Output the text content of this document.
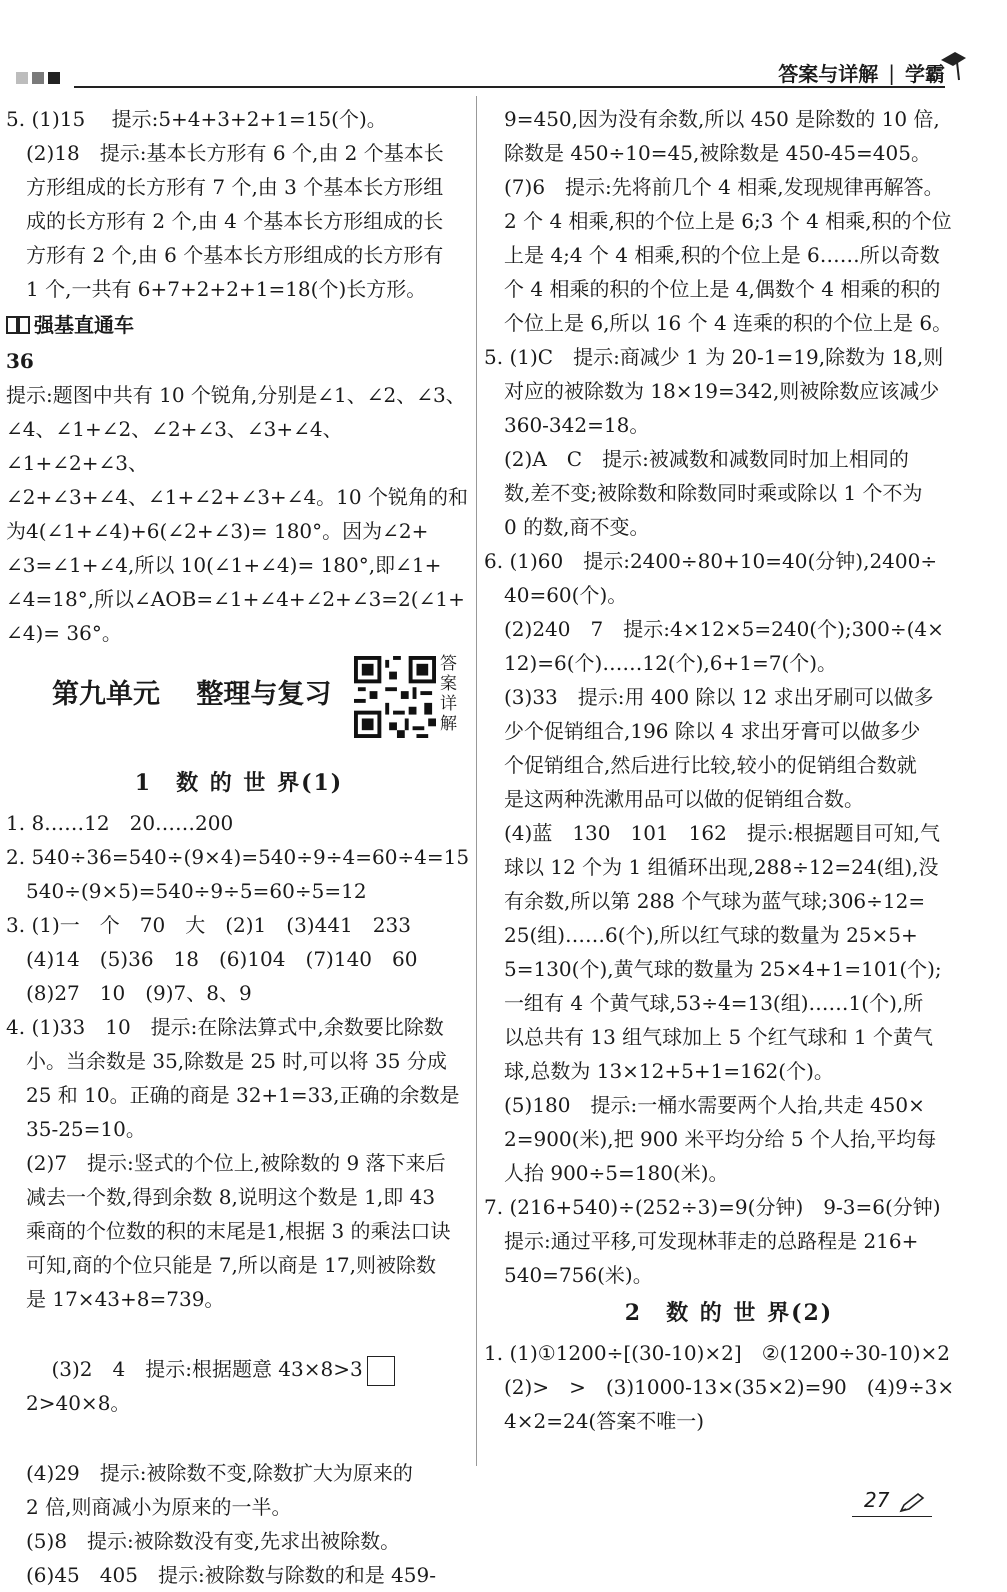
答案与详解 | 学霸

5. (1)15　 提示:5+4+3+2+1=15(个)。

(2)18　提示:基本长方形有 6 个,由 2 个基本长

方形组成的长方形有 7 个,由 3 个基本长方形组

成的长方形有 2 个,由 4 个基本长方形组成的长

方形有 2 个,由 6 个基本长方形组成的长方形有

1 个,一共有 6+7+2+2+1=18(个)长方形。

强基直通车

36

提示:题图中共有 10 个锐角,分别是∠1、∠2、∠3、

∠4、∠1+∠2、∠2+∠3、∠3+∠4、∠1+∠2+∠3、

∠2+∠3+∠4、∠1+∠2+∠3+∠4。10 个锐角的和

为4(∠1+∠4)+6(∠2+∠3)= 180°。因为∠2+

∠3=∠1+∠4,所以 10(∠1+∠4)= 180°,即∠1+

∠4=18°,所以∠AOB=∠1+∠4+∠2+∠3=2(∠1+

∠4)= 36°。

第九单元　 整理与复习
答案详解
1　数 的 世 界(1)

1. 8……12　20……200

2. 540÷36=540÷(9×4)=540÷9÷4=60÷4=15

540÷(9×5)=540÷9÷5=60÷5=12

3. (1)一　个　70　大　(2)1　(3)441　233

(4)14　(5)36　18　(6)104　(7)140　60

(8)27　10　(9)7、8、9

4. (1)33　10　提示:在除法算式中,余数要比除数

小。当余数是 35,除数是 25 时,可以将 35 分成

25 和 10。正确的商是 32+1=33,正确的余数是

35-25=10。

(2)7　提示:竖式的个位上,被除数的 9 落下来后

减去一个数,得到余数 8,说明这个数是 1,即 43

乘商的个位数的积的末尾是1,根据 3 的乘法口诀

可知,商的个位只能是 7,所以商是 17,则被除数

是 17×43+8=739。

(3)2　4　提示:根据题意 43×8>32>40×8。

(4)29　提示:被除数不变,除数扩大为原来的

2 倍,则商减小为原来的一半。

(5)8　提示:被除数没有变,先求出被除数。

(6)45　405　提示:被除数与除数的和是 459-

9=450,因为没有余数,所以 450 是除数的 10 倍,

除数是 450÷10=45,被除数是 450-45=405。

(7)6　提示:先将前几个 4 相乘,发现规律再解答。

2 个 4 相乘,积的个位上是 6;3 个 4 相乘,积的个位

上是 4;4 个 4 相乘,积的个位上是 6……所以奇数

个 4 相乘的积的个位上是 4,偶数个 4 相乘的积的

个位上是 6,所以 16 个 4 连乘的积的个位上是 6。

5. (1)C　提示:商减少 1 为 20-1=19,除数为 18,则

对应的被除数为 18×19=342,则被除数应该减少

360-342=18。

(2)A　C　提示:被减数和减数同时加上相同的

数,差不变;被除数和除数同时乘或除以 1 个不为

0 的数,商不变。

6. (1)60　提示:2400÷80+10=40(分钟),2400÷

40=60(个)。

(2)240　7　提示:4×12×5=240(个);300÷(4×

12)=6(个)……12(个),6+1=7(个)。

(3)33　提示:用 400 除以 12 求出牙刷可以做多

少个促销组合,196 除以 4 求出牙膏可以做多少

个促销组合,然后进行比较,较小的促销组合数就

是这两种洗漱用品可以做的促销组合数。

(4)蓝　130　101　162　提示:根据题目可知,气

球以 12 个为 1 组循环出现,288÷12=24(组),没

有余数,所以第 288 个气球为蓝气球;306÷12=

25(组)……6(个),所以红气球的数量为 25×5+

5=130(个),黄气球的数量为 25×4+1=101(个);

一组有 4 个黄气球,53÷4=13(组)……1(个),所

以总共有 13 组气球加上 5 个红气球和 1 个黄气

球,总数为 13×12+5+1=162(个)。

(5)180　提示:一桶水需要两个人抬,共走 450×

2=900(米),把 900 米平均分给 5 个人抬,平均每

人抬 900÷5=180(米)。

7. (216+540)÷(252÷3)=9(分钟)　9-3=6(分钟)

提示:通过平移,可发现林菲走的总路程是 216+

540=756(米)。

2　数 的 世 界(2)

1. (1)①1200÷[(30-10)×2]　②(1200÷30-10)×2

(2)>　>　(3)1000-13×(35×2)=90　(4)9÷3×

4×2=24(答案不唯一)

27
